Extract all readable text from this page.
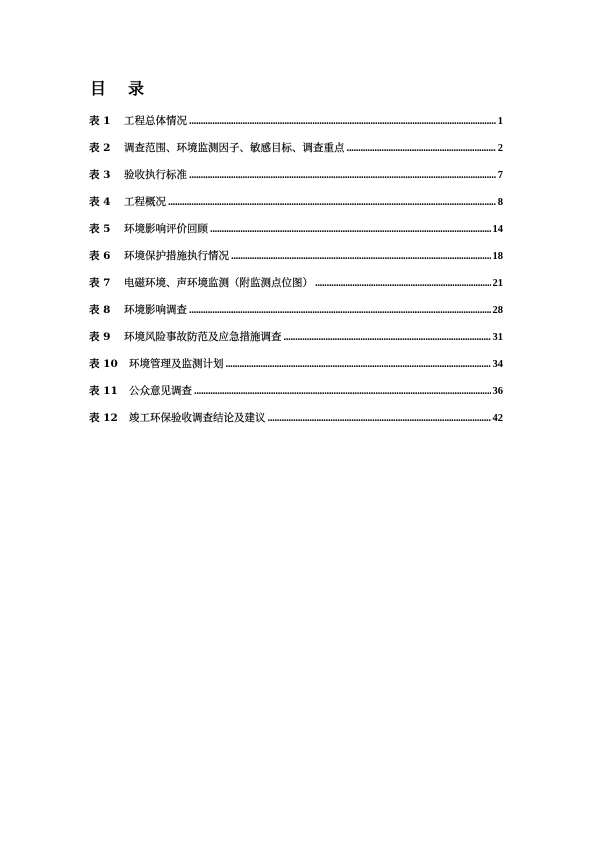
目 录
表 1	工程总体情况 .....	1
表 2	调查范围、环境监测因子、敏感目标、调查重点 .....	2
表 3	验收执行标准 .....	7
表 4	工程概况 .....	8
表 5	环境影响评价回顾 .....	14
表 6	环境保护措施执行情况 .....	18
表 7	电磁环境、声环境监测（附监测点位图） .....	21
表 8	环境影响调查 .....	28
表 9	环境风险事故防范及应急措施调查 .....	31
表 10	环境管理及监测计划 .....	34
表 11	公众意见调查 .....	36
表 12	竣工环保验收调查结论及建议 .....	42
